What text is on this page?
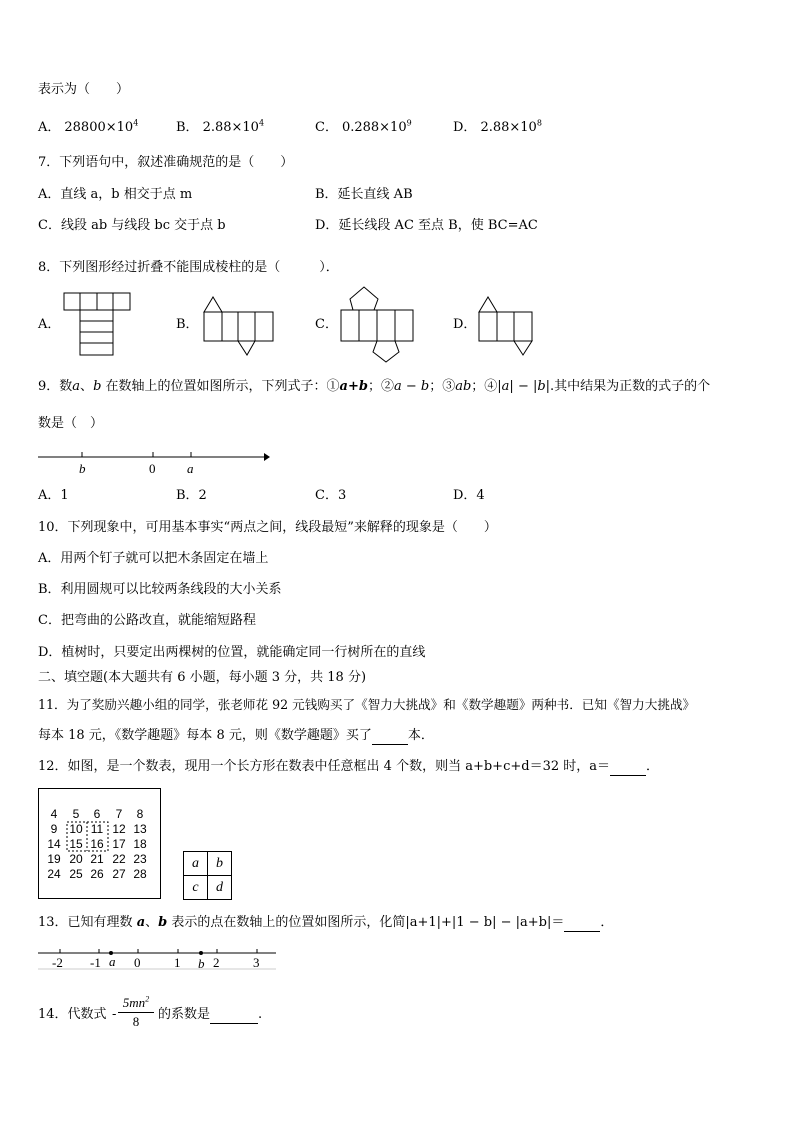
表示为（　　）
A． $28800\times 10^4$	B． $2.88\times 10^4$	C． $0.288\times 10^9$	D． $2.88\times 10^8$
7．下列语句中，叙述准确规范的是（　　）
A．直线 a，b 相交于点 m	B．延长直线 AB
C．线段 ab 与线段 bc 交于点 b	D．延长线段 AC 至点 B，使 BC=AC
8．下列图形经过折叠不能围成棱柱的是（　　　）．
A．	B．	C．	D．
9．数a、b 在数轴上的位置如图所示，下列式子：①a+b；②a − b；③ab；④|a| − |b|.其中结果为正数的式子的个
数是（　）
b	0 a
A．1	B．2	C．3	D．4
10．下列现象中，可用基本事实“两点之间，线段最短”来解释的现象是（　　）
A．用两个钉子就可以把木条固定在墙上
B．利用圆规可以比较两条线段的大小关系
C．把弯曲的公路改直，就能缩短路程
D．植树时，只要定出两棵树的位置，就能确定同一行树所在的直线
二、填空题(本大题共有 6 小题，每小题 3 分，共 18 分)
11．为了奖励兴趣小组的同学，张老师花 92 元钱购买了《智力大挑战》和《数学趣题》两种书．已知《智力大挑战》
每本 18 元，《数学趣题》每本 8 元，则《数学趣题》买了	本．
12．如图，是一个数表，现用一个长方形在数表中任意框出 4 个数，则当 a+b+c+d＝32 时，a＝	．
4	5	6	7	8
9 10 11 12 13
14 15 16 17 18
19 20 21 22 23
24 25 26 27 28
a	b
c	d
13．已知有理数 a、b 表示的点在数轴上的位置如图所示，化简|a+1|+|1 − b| − |a+b|＝	．
-2 -1	0	1	2	3
a	b
14．代数式 -
$5mn^2$
8	的系数是	.
